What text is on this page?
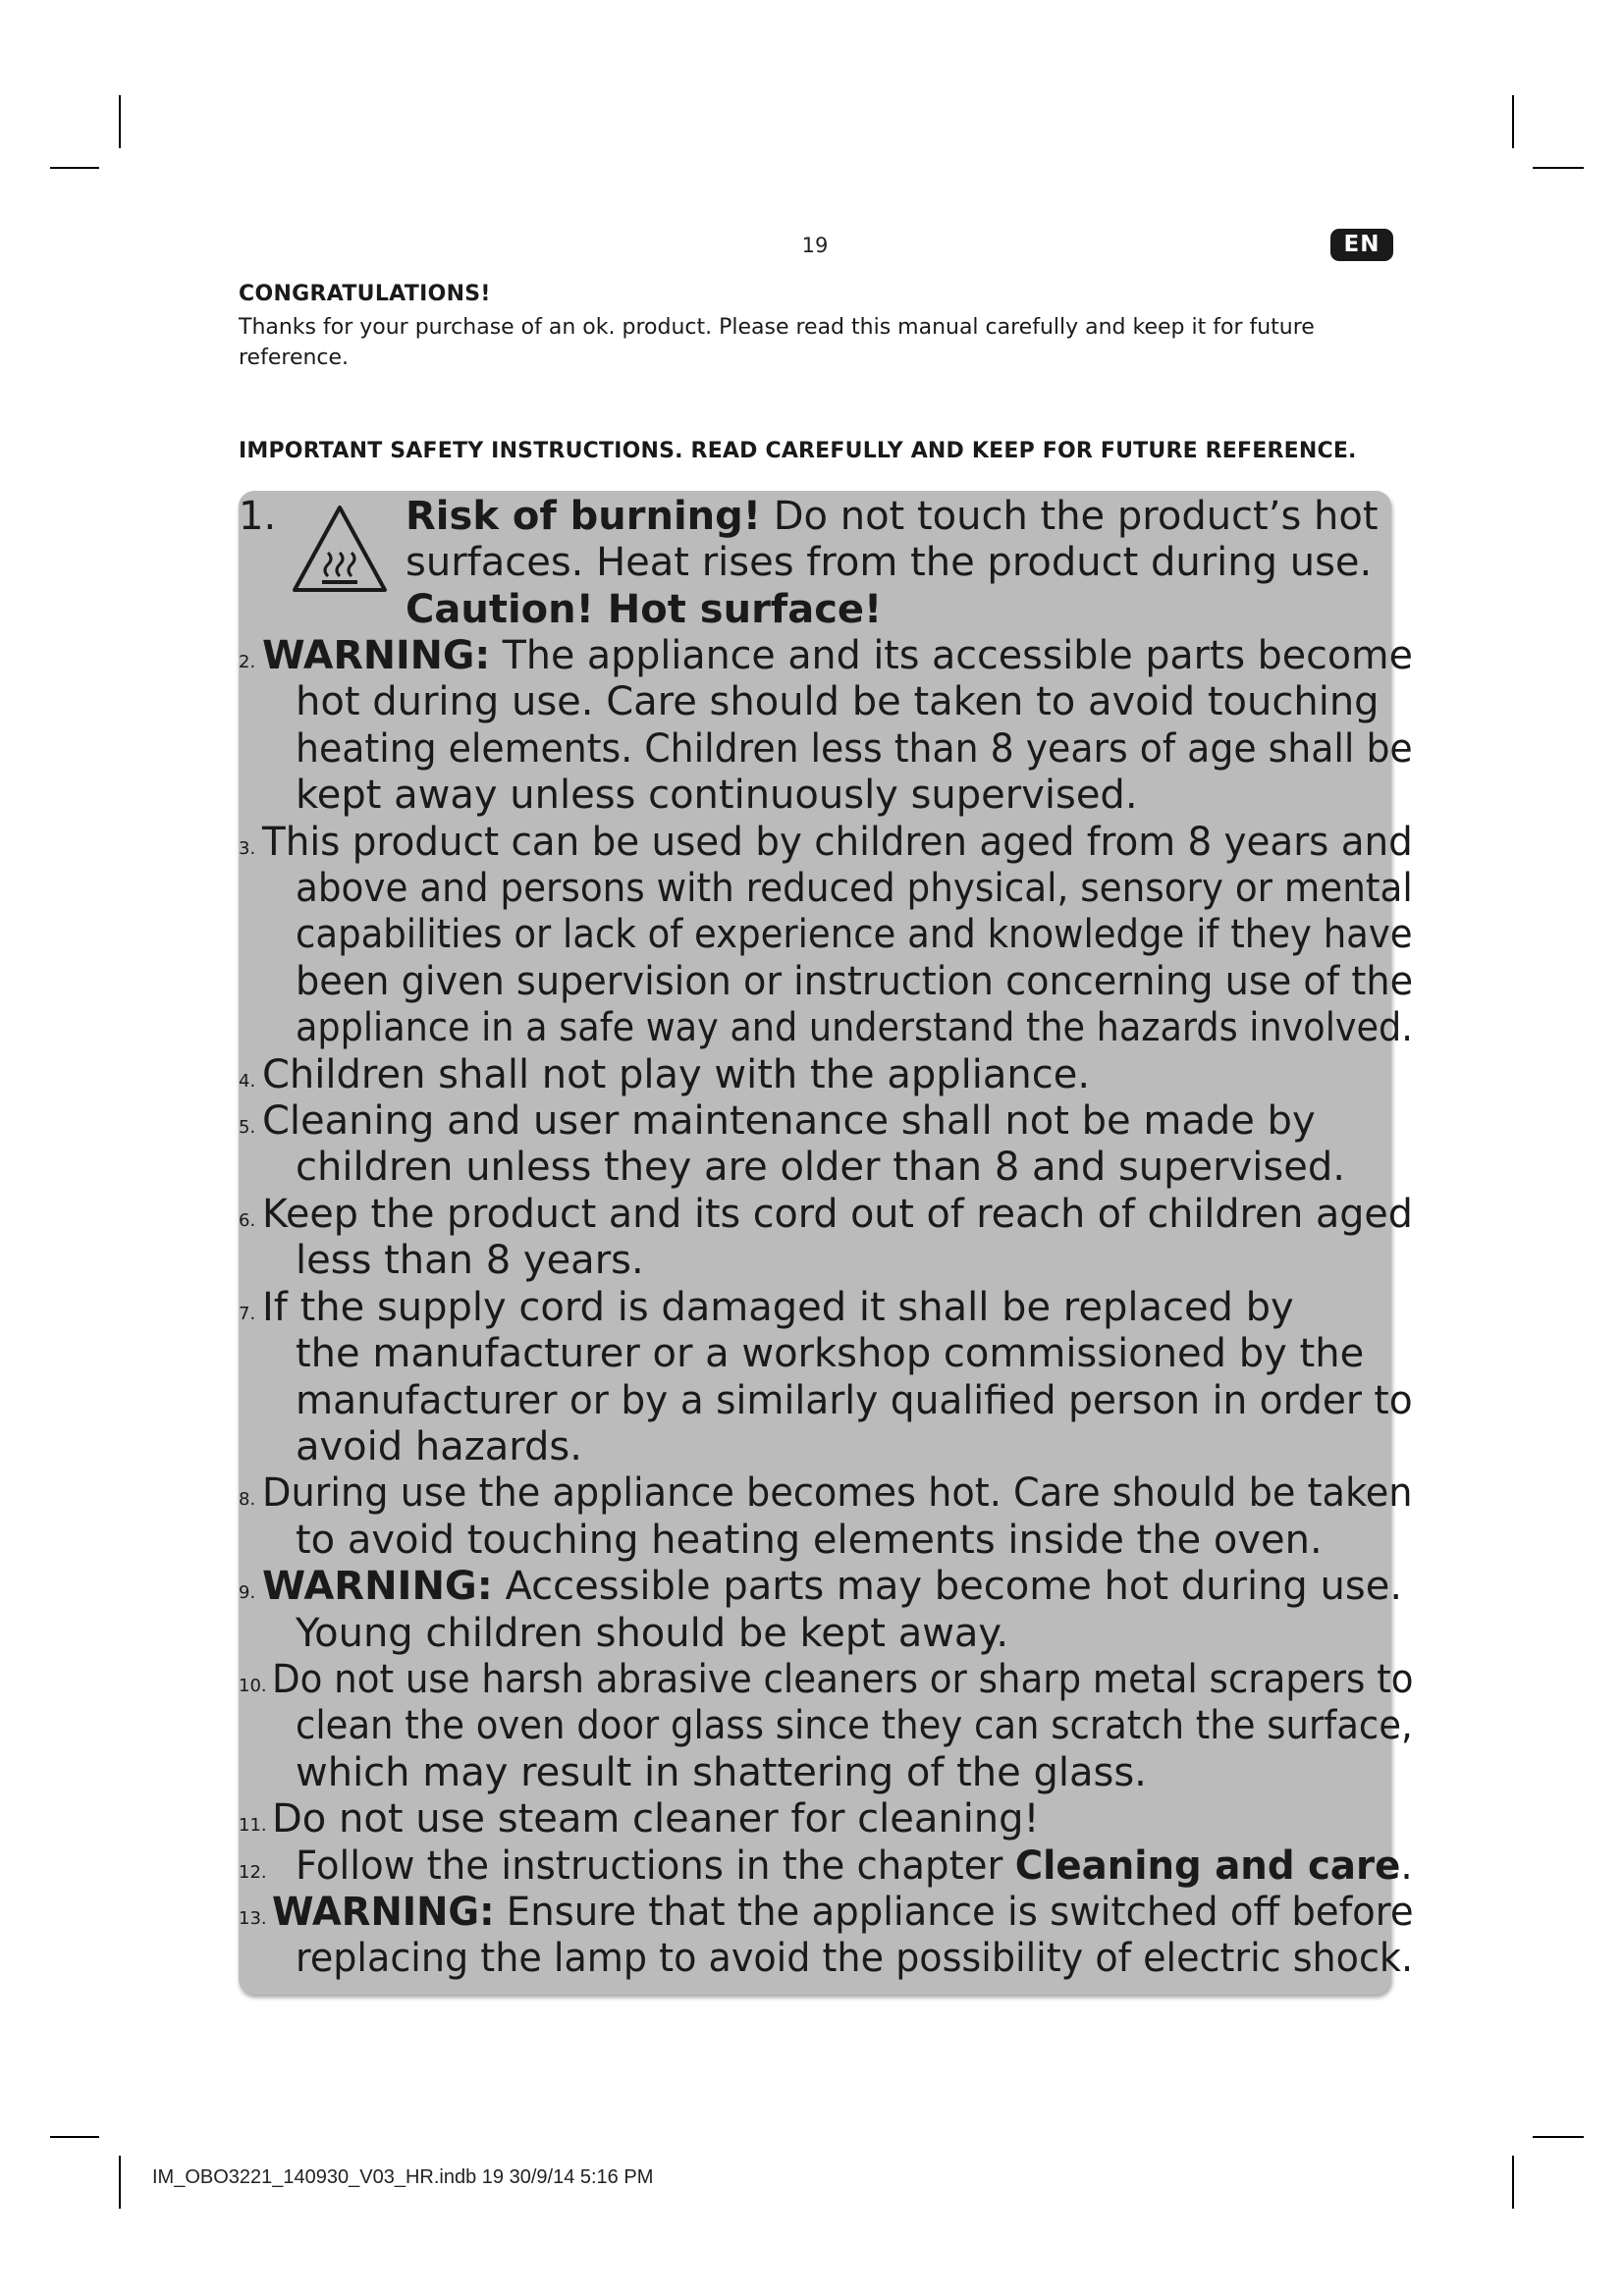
19	EN
CONGRATULATIONS!
Thanks for your purchase of an ok. product. Please read this manual carefully and keep it for future reference.
IMPORTANT SAFETY INSTRUCTIONS. READ CAREFULLY AND KEEP FOR FUTURE REFERENCE.
1.	Risk of burning! Do not touch the product’s hot
surfaces. Heat rises from the product during use.
Caution! Hot surface!
2. WARNING: The appliance and its accessible parts become
hot during use. Care should be taken to avoid touching
heating elements. Children less than 8 years of age shall be
kept away unless continuously supervised.
3. This product can be used by children aged from 8 years and
above and persons with reduced physical, sensory or mental
capabilities or lack of experience and knowledge if they have
been given supervision or instruction concerning use of the
appliance in a safe way and understand the hazards involved.
4. Children shall not play with the appliance.
5. Cleaning and user maintenance shall not be made by
children unless they are older than 8 and supervised.
6. Keep the product and its cord out of reach of children aged
less than 8 years.
7. If the supply cord is damaged it shall be replaced by
the manufacturer or a workshop commissioned by the
manufacturer or by a similarly qualified person in order to
avoid hazards.
8. During use the appliance becomes hot. Care should be taken
to avoid touching heating elements inside the oven.
9. WARNING: Accessible parts may become hot during use.
Young children should be kept away.
10. Do not use harsh abrasive cleaners or sharp metal scrapers to
clean the oven door glass since they can scratch the surface,
which may result in shattering of the glass.
11. Do not use steam cleaner for cleaning!
12. Follow the instructions in the chapter Cleaning and care.
13. WARNING: Ensure that the appliance is switched off before
replacing the lamp to avoid the possibility of electric shock.
IM_OBO3221_140930_V03_HR.indb 19 30/9/14 5:16 PM
